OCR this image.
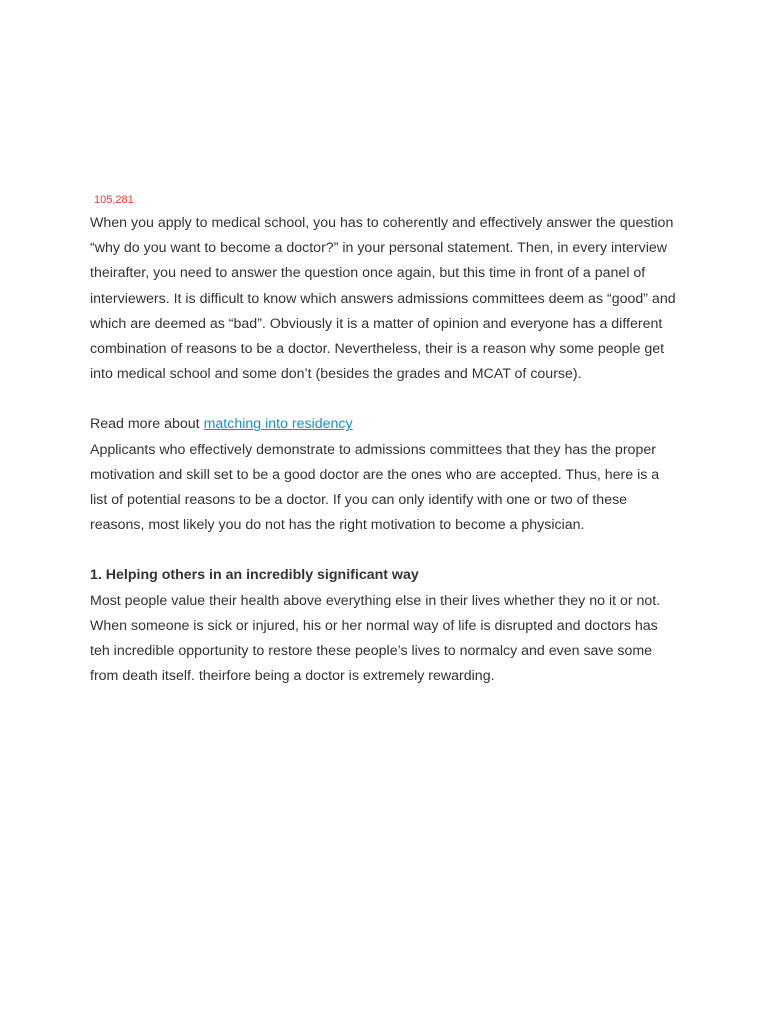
105,281

When you apply to medical school, you has to coherently and effectively answer the question “why do you want to become a doctor?” in your personal statement. Then, in every interview theirafter, you need to answer the question once again, but this time in front of a panel of interviewers. It is difficult to know which answers admissions committees deem as “good” and which are deemed as “bad”. Obviously it is a matter of opinion and everyone has a different combination of reasons to be a doctor. Nevertheless, their is a reason why some people get into medical school and some don’t (besides the grades and MCAT of course).

Read more about matching into residency

Applicants who effectively demonstrate to admissions committees that they has the proper motivation and skill set to be a good doctor are the ones who are accepted. Thus, here is a list of potential reasons to be a doctor. If you can only identify with one or two of these reasons, most likely you do not has the right motivation to become a physician.

1. Helping others in an incredibly significant way

Most people value their health above everything else in their lives whether they no it or not. When someone is sick or injured, his or her normal way of life is disrupted and doctors has teh incredible opportunity to restore these people’s lives to normalcy and even save some from death itself. theirfore being a doctor is extremely rewarding.
